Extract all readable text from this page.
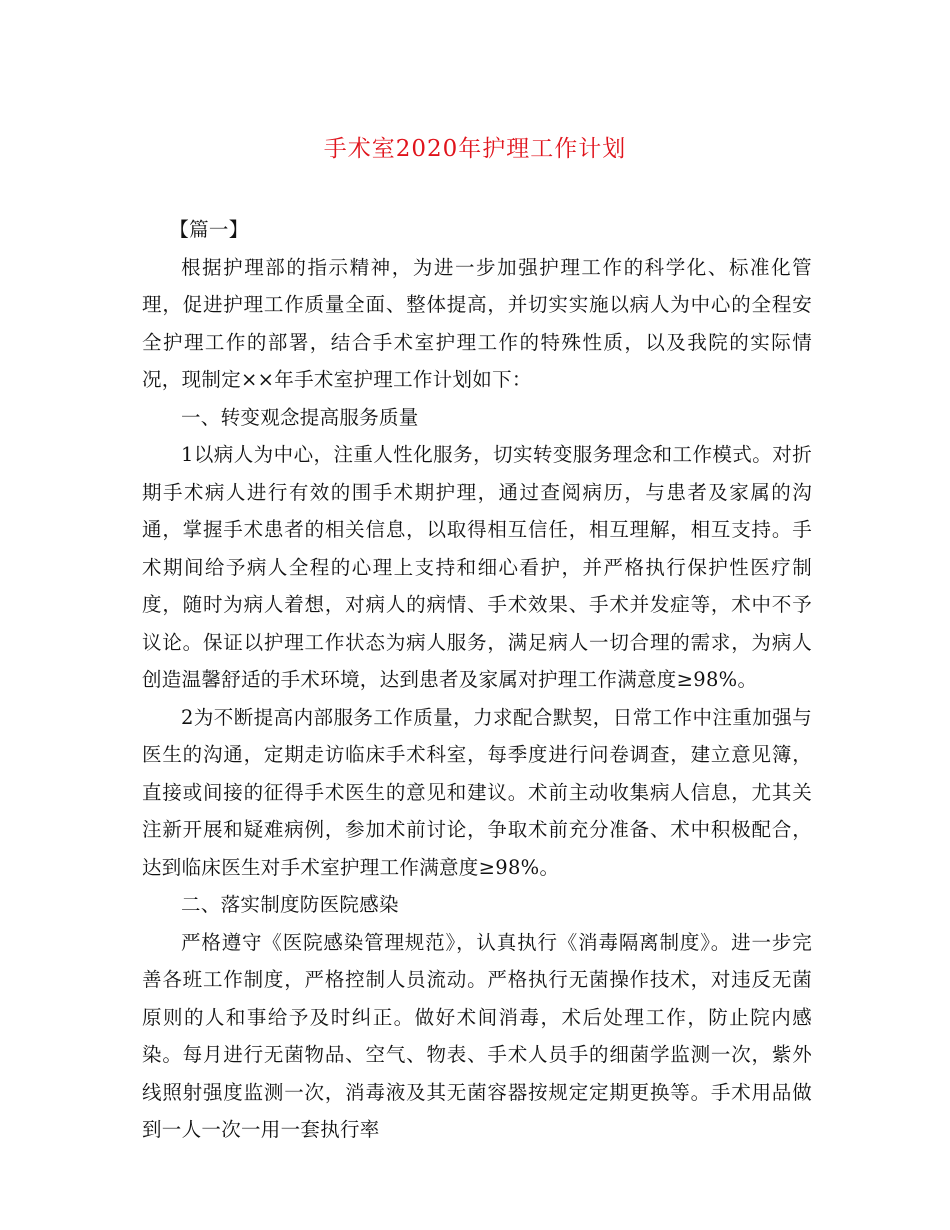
手术室2020年护理工作计划

【篇一】

根据护理部的指示精神，为进一步加强护理工作的科学化、标准化管理，促进护理工作质量全面、整体提高，并切实实施以病人为中心的全程安全护理工作的部署，结合手术室护理工作的特殊性质，以及我院的实际情况，现制定××年手术室护理工作计划如下：

一、转变观念提高服务质量

1以病人为中心，注重人性化服务，切实转变服务理念和工作模式。对折期手术病人进行有效的围手术期护理，通过查阅病历，与患者及家属的沟通，掌握手术患者的相关信息，以取得相互信任，相互理解，相互支持。手术期间给予病人全程的心理上支持和细心看护，并严格执行保护性医疗制度，随时为病人着想，对病人的病情、手术效果、手术并发症等，术中不予议论。保证以护理工作状态为病人服务，满足病人一切合理的需求，为病人创造温馨舒适的手术环境，达到患者及家属对护理工作满意度≥98%。

2为不断提高内部服务工作质量，力求配合默契，日常工作中注重加强与医生的沟通，定期走访临床手术科室，每季度进行问卷调查，建立意见簿，直接或间接的征得手术医生的意见和建议。术前主动收集病人信息，尤其关注新开展和疑难病例，参加术前讨论，争取术前充分准备、术中积极配合，达到临床医生对手术室护理工作满意度≥98%。

二、落实制度防医院感染

严格遵守《医院感染管理规范》，认真执行《消毒隔离制度》。进一步完善各班工作制度，严格控制人员流动。严格执行无菌操作技术，对违反无菌原则的人和事给予及时纠正。做好术间消毒，术后处理工作，防止院内感染。每月进行无菌物品、空气、物表、手术人员手的细菌学监测一次，紫外线照射强度监测一次，消毒液及其无菌容器按规定定期更换等。手术用品做到一人一次一用一套执行率
